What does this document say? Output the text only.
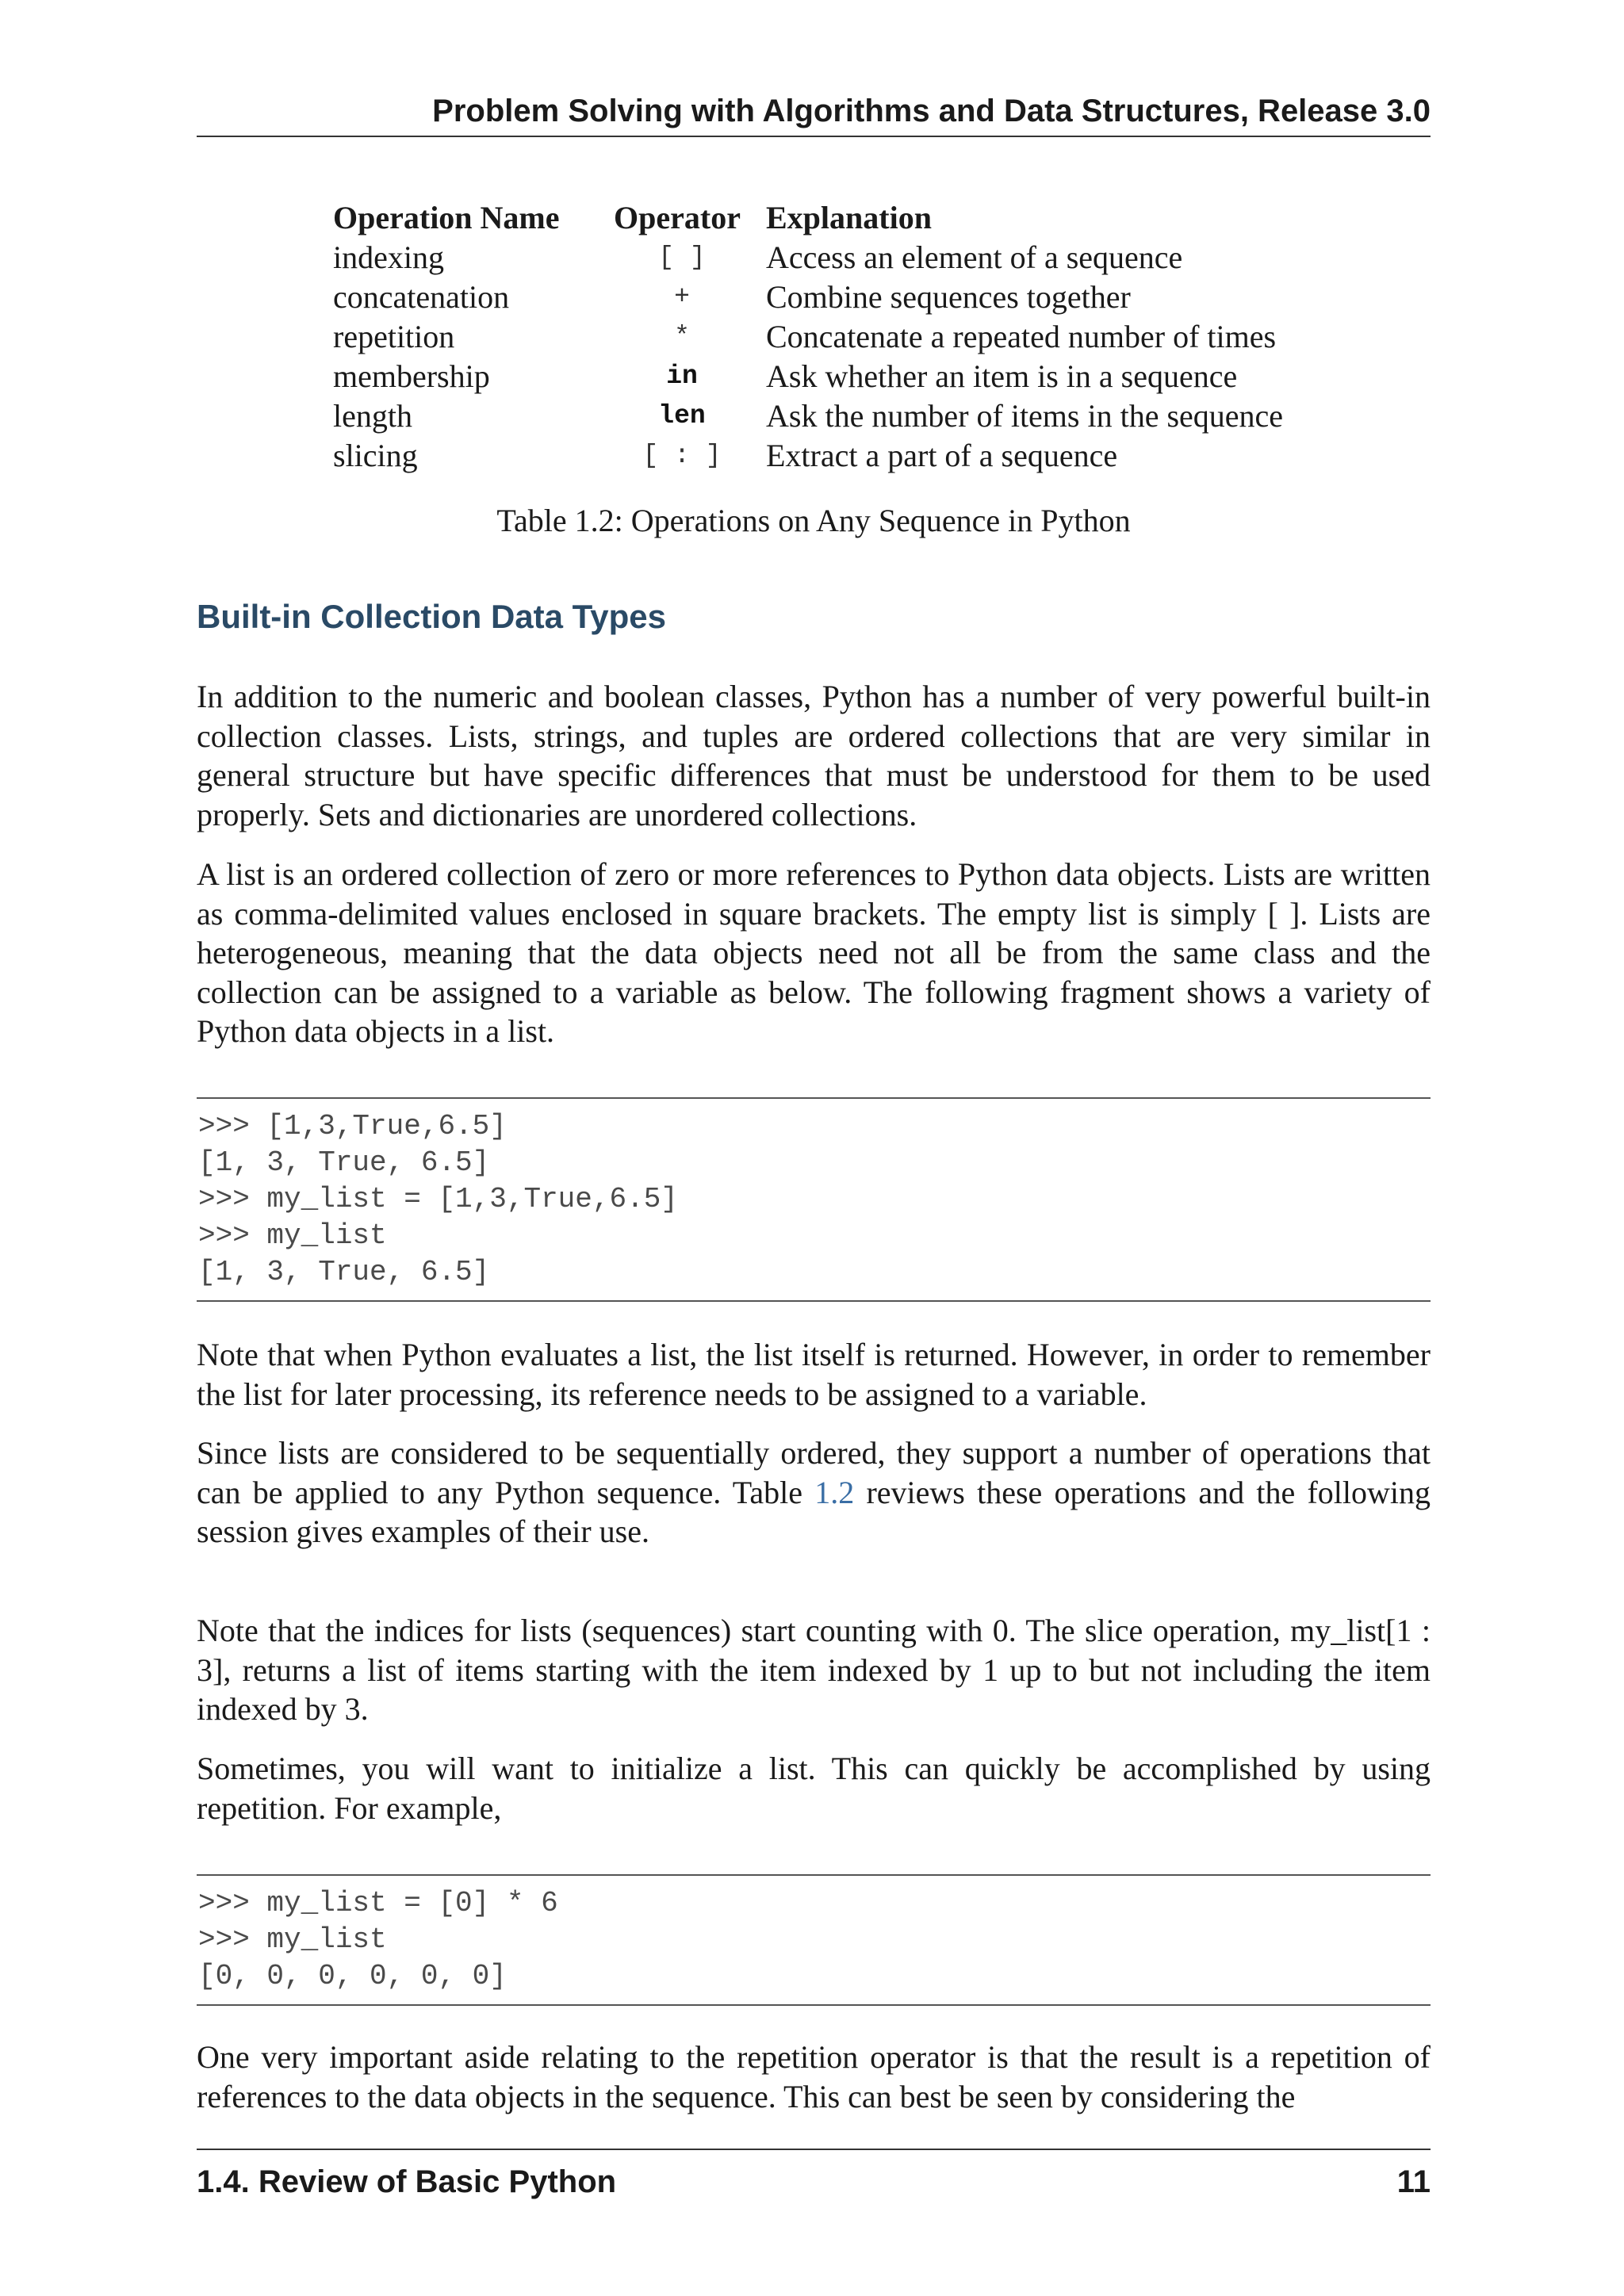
Problem Solving with Algorithms and Data Structures, Release 3.0
Operation Name	Operator	Explanation
indexing	[ ]	Access an element of a sequence
concatenation	+	Combine sequences together
repetition	*	Concatenate a repeated number of times
membership	in	Ask whether an item is in a sequence
length	len	Ask the number of items in the sequence
slicing	[ : ]	Extract a part of a sequence
Table 1.2: Operations on Any Sequence in Python
Built-in Collection Data Types

In addition to the numeric and boolean classes, Python has a number of very powerful built-in collection classes. Lists, strings, and tuples are ordered collections that are very similar in general structure but have specific differences that must be understood for them to be used properly. Sets and dictionaries are unordered collections.

A list is an ordered collection of zero or more references to Python data objects. Lists are written as comma-delimited values enclosed in square brackets. The empty list is simply [ ]. Lists are heterogeneous, meaning that the data objects need not all be from the same class and the collection can be assigned to a variable as below. The following fragment shows a variety of Python data objects in a list.

>>> [1,3,True,6.5]
[1, 3, True, 6.5]
>>> my_list = [1,3,True,6.5]
>>> my_list
[1, 3, True, 6.5]

Note that when Python evaluates a list, the list itself is returned. However, in order to remember the list for later processing, its reference needs to be assigned to a variable.

Since lists are considered to be sequentially ordered, they support a number of operations that can be applied to any Python sequence. Table 1.2 reviews these operations and the following session gives examples of their use.

Note that the indices for lists (sequences) start counting with 0. The slice operation, my_list[1 : 3], returns a list of items starting with the item indexed by 1 up to but not including the item indexed by 3.

Sometimes, you will want to initialize a list. This can quickly be accomplished by using repetition. For example,

>>> my_list = [0] * 6
>>> my_list
[0, 0, 0, 0, 0, 0]

One very important aside relating to the repetition operator is that the result is a repetition of references to the data objects in the sequence. This can best be seen by considering the

1.4. Review of Basic Python	11
